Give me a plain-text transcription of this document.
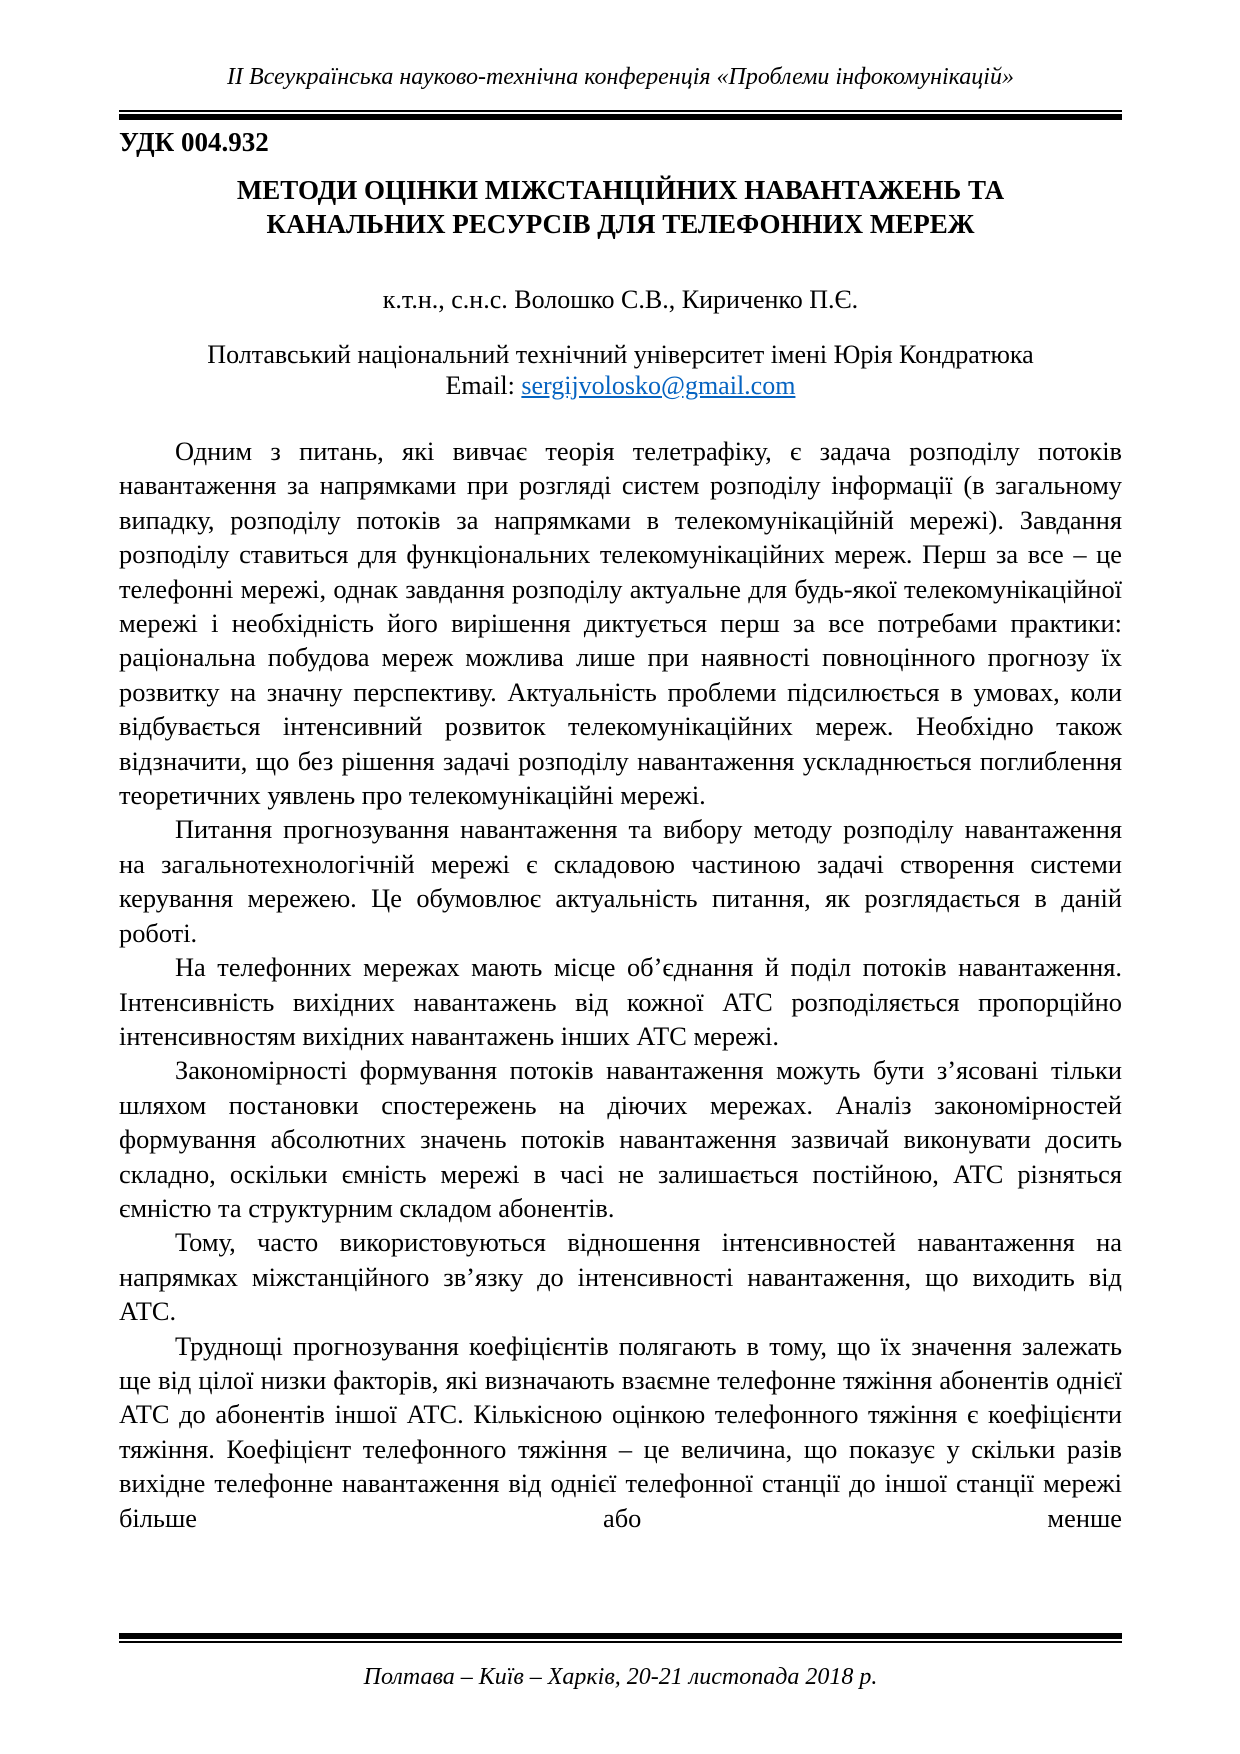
II Всеукраїнська науково-технічна конференція «Проблеми інфокомунікацій»
УДК 004.932
МЕТОДИ ОЦІНКИ МІЖСТАНЦІЙНИХ НАВАНТАЖЕНЬ ТА
КАНАЛЬНИХ РЕСУРСІВ ДЛЯ ТЕЛЕФОННИХ МЕРЕЖ
к.т.н., с.н.с. Волошко С.В., Кириченко П.Є.
Полтавський національний технічний університет імені Юрія Кондратюка
Email: sergijvolosko@gmail.com

Одним з питань, які вивчає теорія телетрафіку, є задача розподілу потоків навантаження за напрямками при розгляді систем розподілу інформації (в загальному випадку, розподілу потоків за напрямками в телекомунікаційній мережі). Завдання розподілу ставиться для функціональних телекомунікаційних мереж. Перш за все – це телефонні мережі, однак завдання розподілу актуальне для будь-якої телекомунікаційної мережі і необхідність його вирішення диктується перш за все потребами практики: раціональна побудова мереж можлива лише при наявності повноцінного прогнозу їх розвитку на значну перспективу. Актуальність проблеми підсилюється в умовах, коли відбувається інтенсивний розвиток телекомунікаційних мереж. Необхідно також відзначити, що без рішення задачі розподілу навантаження ускладнюється поглиблення теоретичних уявлень про телекомунікаційні мережі.

Питання прогнозування навантаження та вибору методу розподілу навантаження на загальнотехнологічній мережі є складовою частиною задачі створення системи керування мережею. Це обумовлює актуальність питання, як розглядається в даній роботі.

На телефонних мережах мають місце об’єднання й поділ потоків навантаження. Інтенсивність вихідних навантажень від кожної АТС розподіляється пропорційно інтенсивностям вихідних навантажень інших АТС мережі.

Закономірності формування потоків навантаження можуть бути з’ясовані тільки шляхом постановки спостережень на діючих мережах. Аналіз закономірностей формування абсолютних значень потоків навантаження зазвичай виконувати досить складно, оскільки ємність мережі в часі не залишається постійною, АТС різняться ємністю та структурним складом абонентів.

Тому, часто використовуються відношення інтенсивностей навантаження на напрямках міжстанційного зв’язку до інтенсивності навантаження, що виходить від АТС.

Труднощі прогнозування коефіцієнтів полягають в тому, що їх значення залежать ще від цілої низки факторів, які визначають взаємне телефонне тяжіння абонентів однієї АТС до абонентів іншої АТС. Кількісною оцінкою телефонного тяжіння є коефіцієнти тяжіння. Коефіцієнт телефонного тяжіння – це величина, що показує у скільки разів вихідне телефонне навантаження від однієї телефонної станції до іншої станції мережі більше або менше

Полтава – Київ – Харків, 20-21 листопада 2018 р.
